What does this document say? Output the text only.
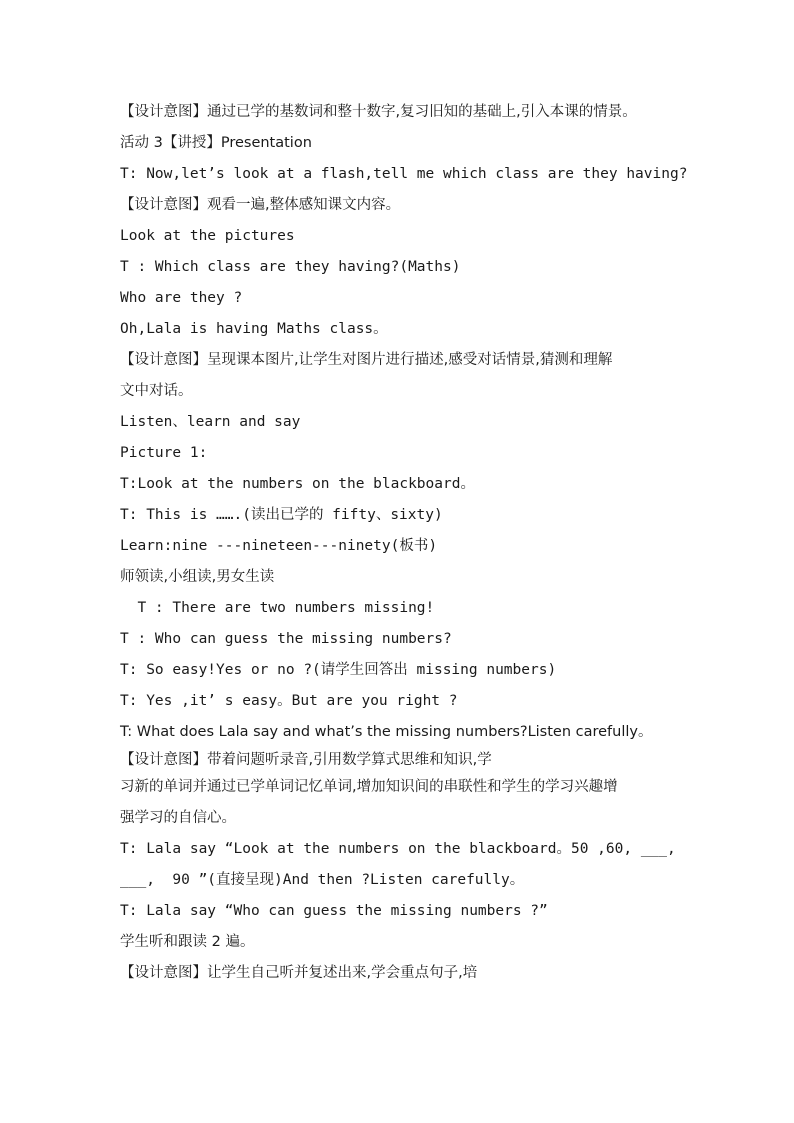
【设计意图】通过已学的基数词和整十数字,复习旧知的基础上,引入本课的情景。
活动 3【讲授】Presentation
T: Now,let’s look at a flash,tell me which class are they having?
【设计意图】观看一遍,整体感知课文内容。
Look at the pictures
T : Which class are they having?(Maths)
Who are they ?
Oh,Lala is having Maths class。
【设计意图】呈现课本图片,让学生对图片进行描述,感受对话情景,猜测和理解
文中对话。
Listen、learn and say
Picture 1:
T:Look at the numbers on the blackboard。
T: This is …….(读出已学的 fifty、sixty)
Learn:nine ---nineteen---ninety(板书)
师领读,小组读,男女生读
T : There are two numbers missing!
T : Who can guess the missing numbers?
T: So easy!Yes or no ?(请学生回答出 missing numbers)
T: Yes ,it’ s easy。But are you right ?
T: What does Lala say and what’s the missing numbers?Listen carefully。
【设计意图】带着问题听录音,引用数学算式思维和知识,学
习新的单词并通过已学单词记忆单词,增加知识间的串联性和学生的学习兴趣增
强学习的自信心。
T: Lala say “Look at the numbers on the blackboard。50 ,60, ___,
___,  90 ”(直接呈现)And then ?Listen carefully。
T: Lala say “Who can guess the missing numbers ?”
学生听和跟读 2 遍。
【设计意图】让学生自己听并复述出来,学会重点句子,培
